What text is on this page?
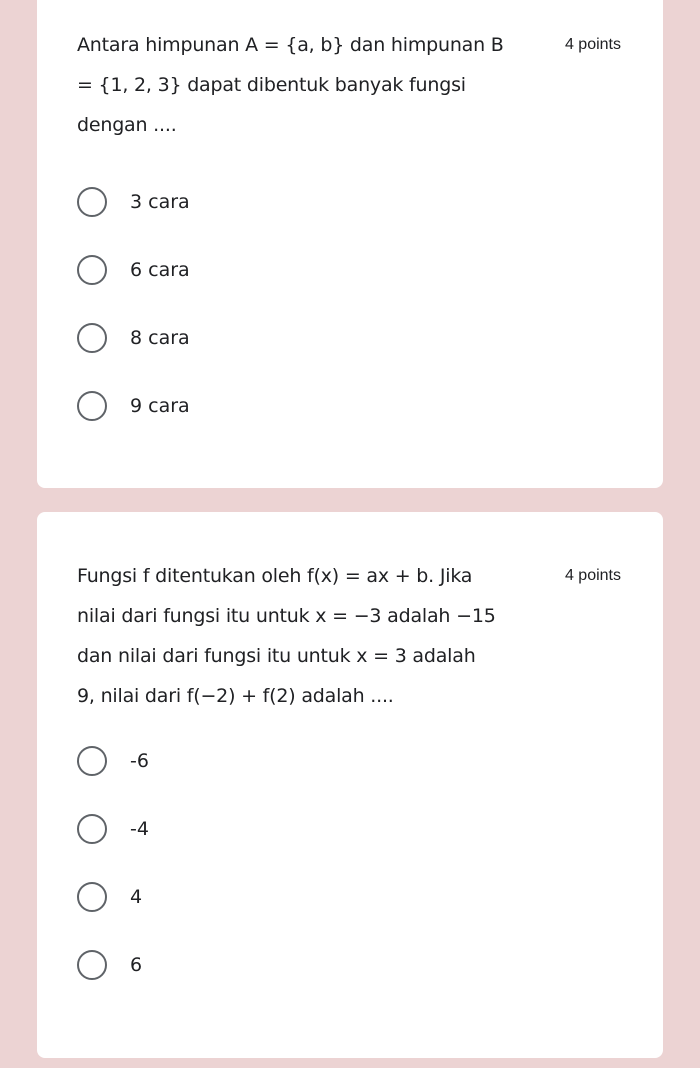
Antara himpunan A = {a, b} dan himpunan B
= {1, 2, 3} dapat dibentuk banyak fungsi
dengan ....

4 points
3 cara
6 cara
8 cara
9 cara

Fungsi f ditentukan oleh f(x) = ax + b. Jika
nilai dari fungsi itu untuk x = −3 adalah −15
dan nilai dari fungsi itu untuk x = 3 adalah
9, nilai dari f(−2) + f(2) adalah ....

4 points
-6
-4
4
6
